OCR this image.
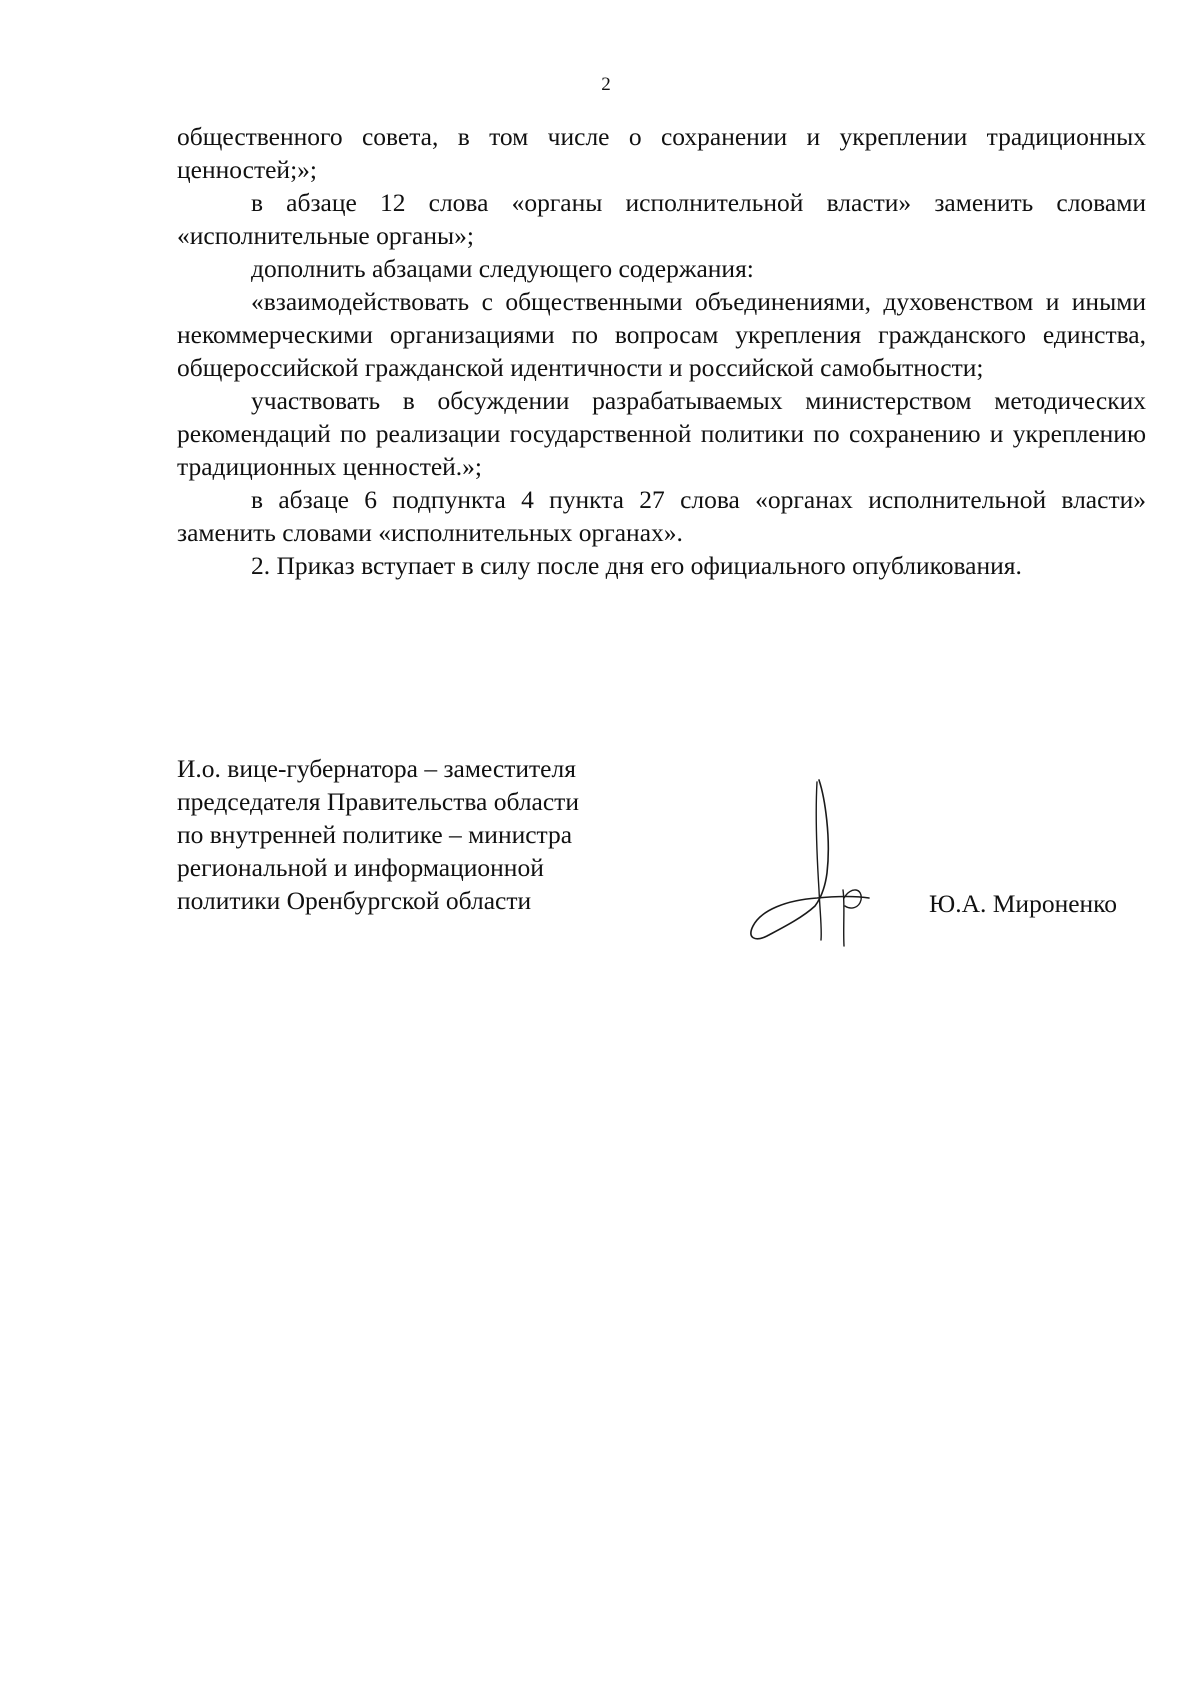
2

общественного совета, в том числе о сохранении и укреплении традиционных ценностей;»;

в абзаце 12 слова «органы исполнительной власти» заменить словами «исполнительные органы»;

дополнить абзацами следующего содержания:

«взаимодействовать с общественными объединениями, духовенством и иными некоммерческими организациями по вопросам укрепления гражданского единства, общероссийской гражданской идентичности и российской самобытности;

участвовать в обсуждении разрабатываемых министерством методических рекомендаций по реализации государственной политики по сохранению и укреплению традиционных ценностей.»;

в абзаце 6 подпункта 4 пункта 27 слова «органах исполнительной власти» заменить словами «исполнительных органах».

2. Приказ вступает в силу после дня его официального опубликования.

И.о. вице-губернатора – заместителя
председателя Правительства области
по внутренней политике – министра
региональной и информационной
политики Оренбургской области	Ю.А. Мироненко
